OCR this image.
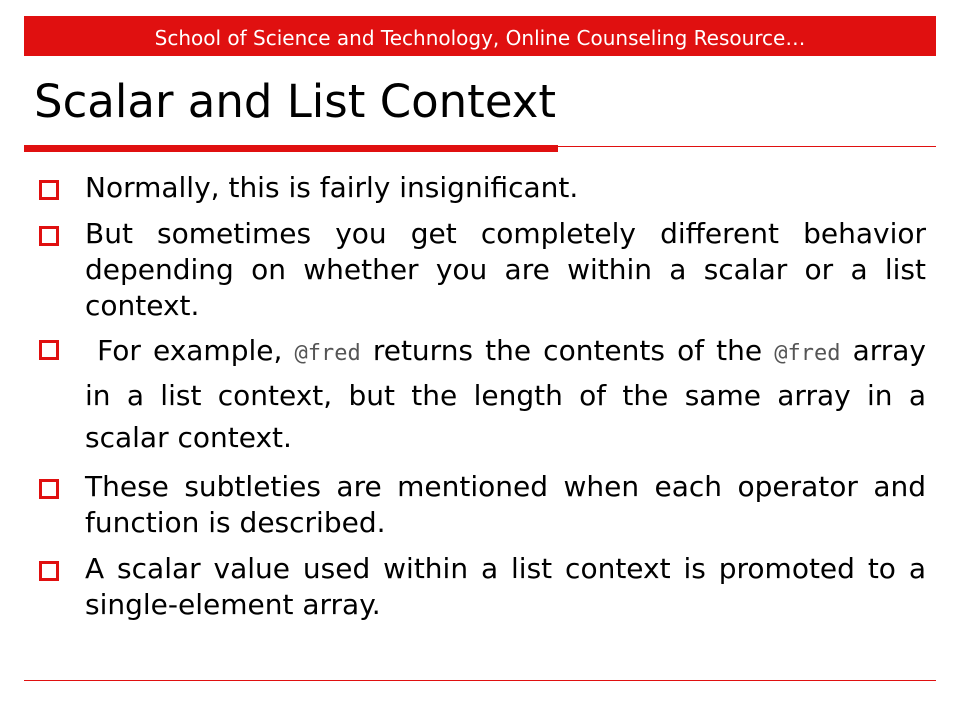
School of Science and Technology, Online Counseling Resource…
Scalar and List Context
Normally, this is fairly insignificant.
But sometimes you get completely different behavior depending on whether you are within a scalar or a list context.
For example, @fred returns the contents of the @fred array in a list context, but the length of the same array in a scalar context.
These subtleties are mentioned when each operator and function is described.
A scalar value used within a list context is promoted to a single-element array.
